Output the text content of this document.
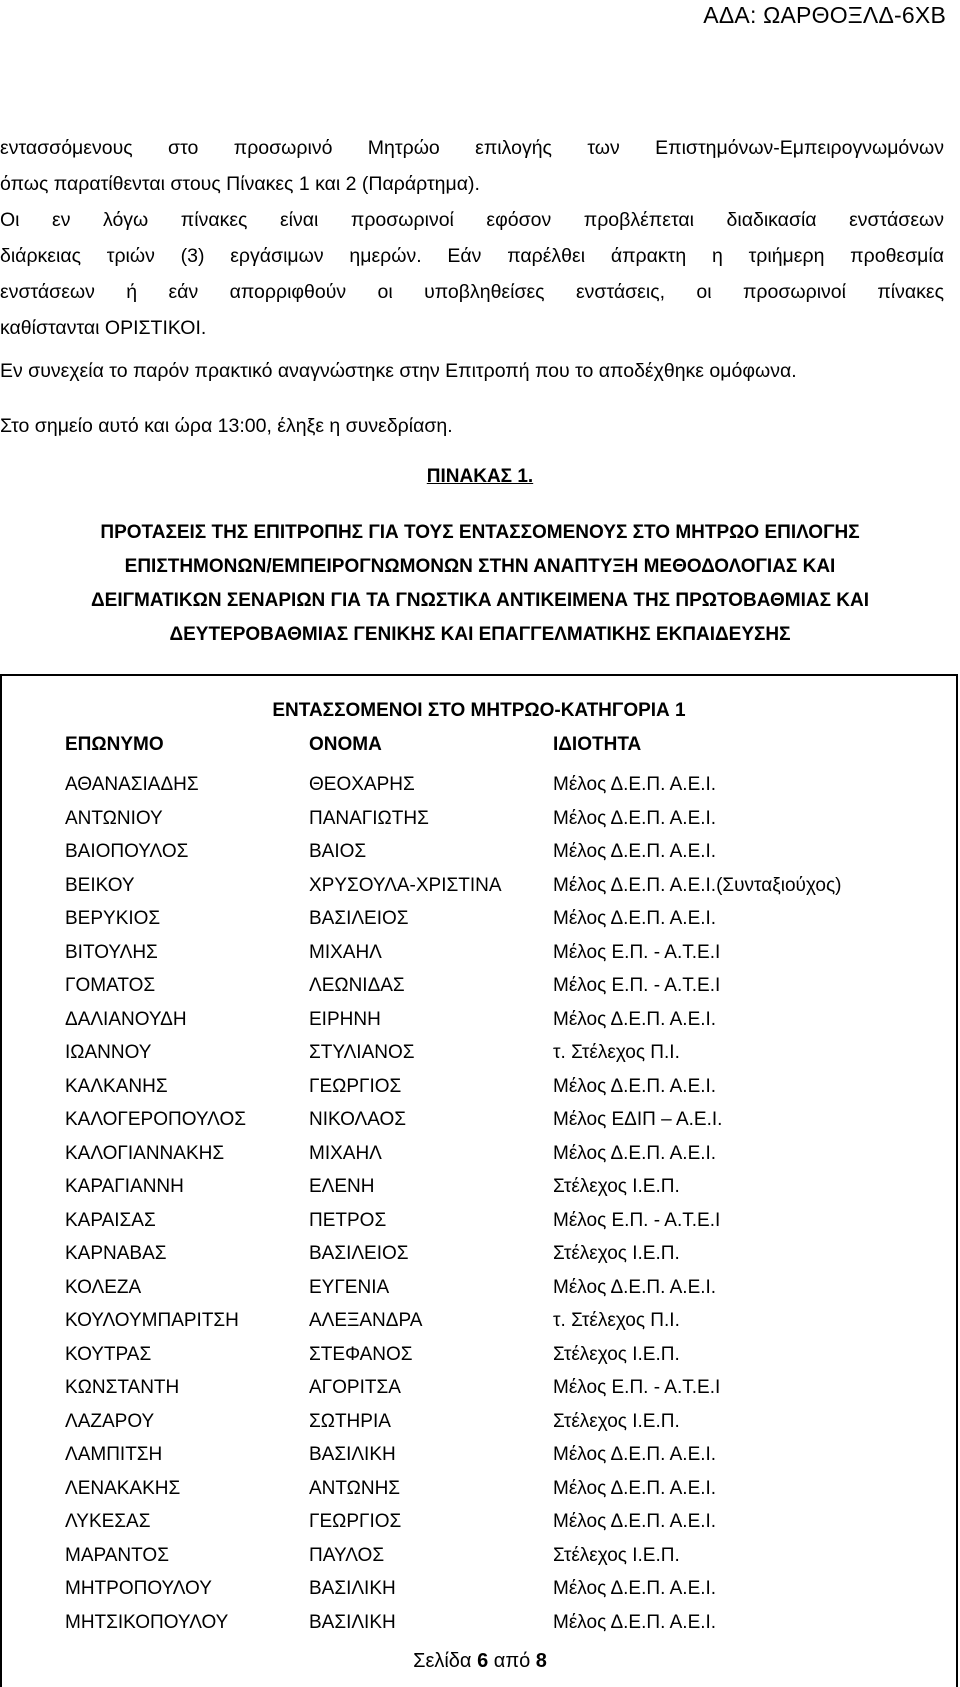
ΑΔΑ: ΩΑΡΘΟΞΛΔ-6ΧΒ
εντασσόμενους στο προσωρινό Μητρώο επιλογής των Επιστημόνων-Εμπειρογνωμόνων
όπως παρατίθενται στους Πίνακες 1 και 2 (Παράρτημα).
Οι εν λόγω πίνακες είναι προσωρινοί εφόσον προβλέπεται διαδικασία ενστάσεων
διάρκειας τριών (3) εργάσιμων ημερών. Εάν παρέλθει άπρακτη η τριήμερη προθεσμία
ενστάσεων ή εάν απορριφθούν οι υποβληθείσες ενστάσεις, οι προσωρινοί πίνακες
καθίστανται ΟΡΙΣΤΙΚΟΙ.
Εν συνεχεία το παρόν πρακτικό αναγνώστηκε στην Επιτροπή που το αποδέχθηκε ομόφωνα.
Στο σημείο αυτό και ώρα 13:00, έληξε η συνεδρίαση.
ΠΙΝΑΚΑΣ 1.
ΠΡΟΤΑΣΕΙΣ ΤΗΣ ΕΠΙΤΡΟΠΗΣ ΓΙΑ ΤΟΥΣ ΕΝΤΑΣΣΟΜΕΝΟΥΣ ΣΤΟ ΜΗΤΡΩΟ ΕΠΙΛΟΓΗΣ
ΕΠΙΣΤΗΜΟΝΩΝ/ΕΜΠΕΙΡΟΓΝΩΜΟΝΩΝ ΣΤΗΝ ΑΝΑΠΤΥΞΗ ΜΕΘΟΔΟΛΟΓΙΑΣ ΚΑΙ
ΔΕΙΓΜΑΤΙΚΩΝ ΣΕΝΑΡΙΩΝ ΓΙΑ ΤΑ ΓΝΩΣΤΙΚΑ ΑΝΤΙΚΕΙΜΕΝΑ ΤΗΣ ΠΡΩΤΟΒΑΘΜΙΑΣ ΚΑΙ
ΔΕΥΤΕΡΟΒΑΘΜΙΑΣ ΓΕΝΙΚΗΣ ΚΑΙ ΕΠΑΓΓΕΛΜΑΤΙΚΗΣ ΕΚΠΑΙΔΕΥΣΗΣ
ΕΝΤΑΣΣΟΜΕΝΟΙ ΣΤΟ ΜΗΤΡΩΟ-ΚΑΤΗΓΟΡΙΑ 1
ΕΠΩΝΥΜΟ	ΟΝΟΜΑ	ΙΔΙΟΤΗΤΑ
ΑΘΑΝΑΣΙΑΔΗΣ	ΘΕΟΧΑΡΗΣ	Μέλος Δ.Ε.Π. Α.Ε.Ι.
ΑΝΤΩΝΙΟΥ	ΠΑΝΑΓΙΩΤΗΣ	Μέλος Δ.Ε.Π. Α.Ε.Ι.
ΒΑΙΟΠΟΥΛΟΣ	ΒΑΙΟΣ	Μέλος Δ.Ε.Π. Α.Ε.Ι.
ΒΕΙΚΟΥ	ΧΡΥΣΟΥΛΑ-ΧΡΙΣΤΙΝΑ	Μέλος Δ.Ε.Π. Α.Ε.Ι.(Συνταξιούχος)
ΒΕΡΥΚΙΟΣ	ΒΑΣΙΛΕΙΟΣ	Μέλος Δ.Ε.Π. Α.Ε.Ι.
ΒΙΤΟΥΛΗΣ	ΜΙΧΑΗΛ	Μέλος Ε.Π. - Α.Τ.Ε.Ι
ΓΟΜΑΤΟΣ	ΛΕΩΝΙΔΑΣ	Μέλος Ε.Π. - Α.Τ.Ε.Ι
ΔΑΛΙΑΝΟΥΔΗ	ΕΙΡΗΝΗ	Μέλος Δ.Ε.Π. Α.Ε.Ι.
ΙΩΑΝΝΟΥ	ΣΤΥΛΙΑΝΟΣ	τ. Στέλεχος Π.Ι.
ΚΑΛΚΑΝΗΣ	ΓΕΩΡΓΙΟΣ	Μέλος Δ.Ε.Π. Α.Ε.Ι.
ΚΑΛΟΓΕΡΟΠΟΥΛΟΣ	ΝΙΚΟΛΑΟΣ	Μέλος ΕΔΙΠ – Α.Ε.Ι.
ΚΑΛΟΓΙΑΝΝΑΚΗΣ	ΜΙΧΑΗΛ	Μέλος Δ.Ε.Π. Α.Ε.Ι.
ΚΑΡΑΓΙΑΝΝΗ	ΕΛΕΝΗ	Στέλεχος Ι.Ε.Π.
ΚΑΡΑΙΣΑΣ	ΠΕΤΡΟΣ	Μέλος Ε.Π. - Α.Τ.Ε.Ι
ΚΑΡΝΑΒΑΣ	ΒΑΣΙΛΕΙΟΣ	Στέλεχος Ι.Ε.Π.
ΚΟΛΕΖΑ	ΕΥΓΕΝΙΑ	Μέλος Δ.Ε.Π. Α.Ε.Ι.
ΚΟΥΛΟΥΜΠΑΡΙΤΣΗ	ΑΛΕΞΑΝΔΡΑ	τ. Στέλεχος Π.Ι.
ΚΟΥΤΡΑΣ	ΣΤΕΦΑΝΟΣ	Στέλεχος Ι.Ε.Π.
ΚΩΝΣΤΑΝΤΗ	ΑΓΟΡΙΤΣΑ	Μέλος Ε.Π. - Α.Τ.Ε.Ι
ΛΑΖΑΡΟΥ	ΣΩΤΗΡΙΑ	Στέλεχος Ι.Ε.Π.
ΛΑΜΠΙΤΣΗ	ΒΑΣΙΛΙΚΗ	Μέλος Δ.Ε.Π. Α.Ε.Ι.
ΛΕΝΑΚΑΚΗΣ	ΑΝΤΩΝΗΣ	Μέλος Δ.Ε.Π. Α.Ε.Ι.
ΛΥΚΕΣΑΣ	ΓΕΩΡΓΙΟΣ	Μέλος Δ.Ε.Π. Α.Ε.Ι.
ΜΑΡΑΝΤΟΣ	ΠΑΥΛΟΣ	Στέλεχος Ι.Ε.Π.
ΜΗΤΡΟΠΟΥΛΟΥ	ΒΑΣΙΛΙΚΗ	Μέλος Δ.Ε.Π. Α.Ε.Ι.
ΜΗΤΣΙΚΟΠΟΥΛΟΥ	ΒΑΣΙΛΙΚΗ	Μέλος Δ.Ε.Π. Α.Ε.Ι.
Σελίδα 6 από 8
